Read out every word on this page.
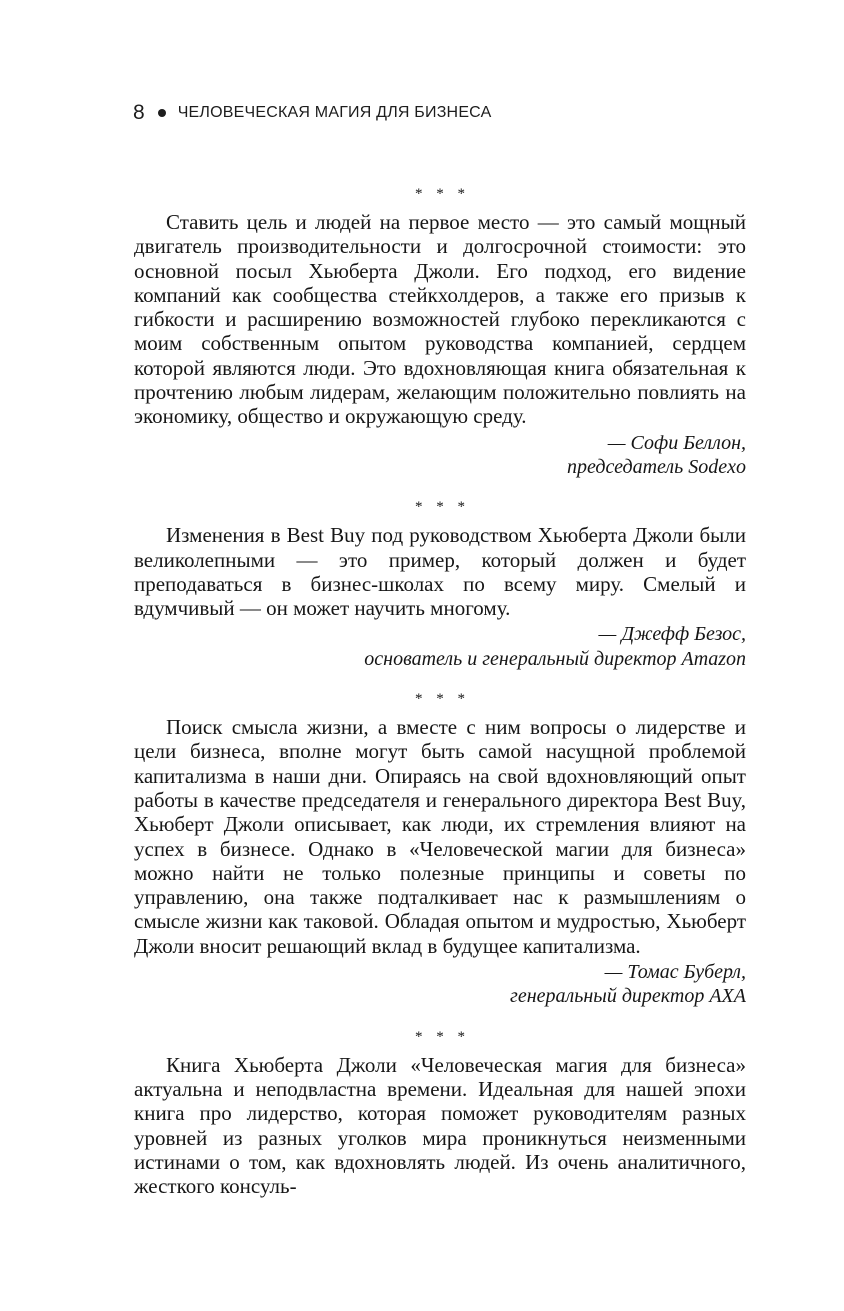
8 ЧЕЛОВЕЧЕСКАЯ МАГИЯ ДЛЯ БИЗНЕСА
* * *

Ставить цель и людей на первое место — это самый мощный двигатель производительности и долгосрочной стоимости: это основной посыл Хьюберта Джоли. Его подход, его видение компаний как сообщества стейкхолдеров, а также его призыв к гибкости и расширению возможностей глубоко перекликаются с моим собственным опытом руководства компанией, сердцем которой являются люди. Это вдохновляющая книга обязательная к прочтению любым лидерам, желающим положительно повлиять на экономику, общество и окружающую среду.

— Софи Беллон,
председатель Sodexo
* * *

Изменения в Best Buy под руководством Хьюберта Джоли были великолепными — это пример, который должен и будет преподаваться в бизнес-школах по всему миру. Смелый и вдумчивый — он может научить многому.

— Джефф Безос,
основатель и генеральный директор Amazon
* * *

Поиск смысла жизни, а вместе с ним вопросы о лидерстве и цели бизнеса, вполне могут быть самой насущной проблемой капитализма в наши дни. Опираясь на свой вдохновляющий опыт работы в качестве председателя и генерального директора Best Buy, Хьюберт Джоли описывает, как люди, их стремления влияют на успех в бизнесе. Однако в «Человеческой магии для бизнеса» можно найти не только полезные принципы и советы по управлению, она также подталкивает нас к размышлениям о смысле жизни как таковой. Обладая опытом и мудростью, Хьюберт Джоли вносит решающий вклад в будущее капитализма.

— Томас Буберл,
генеральный директор AXA
* * *

Книга Хьюберта Джоли «Человеческая магия для бизнеса» актуальна и неподвластна времени. Идеальная для нашей эпохи книга про лидерство, которая поможет руководителям разных уровней из разных уголков мира проникнуться неизменными истинами о том, как вдохновлять людей. Из очень аналитичного, жесткого консуль-
